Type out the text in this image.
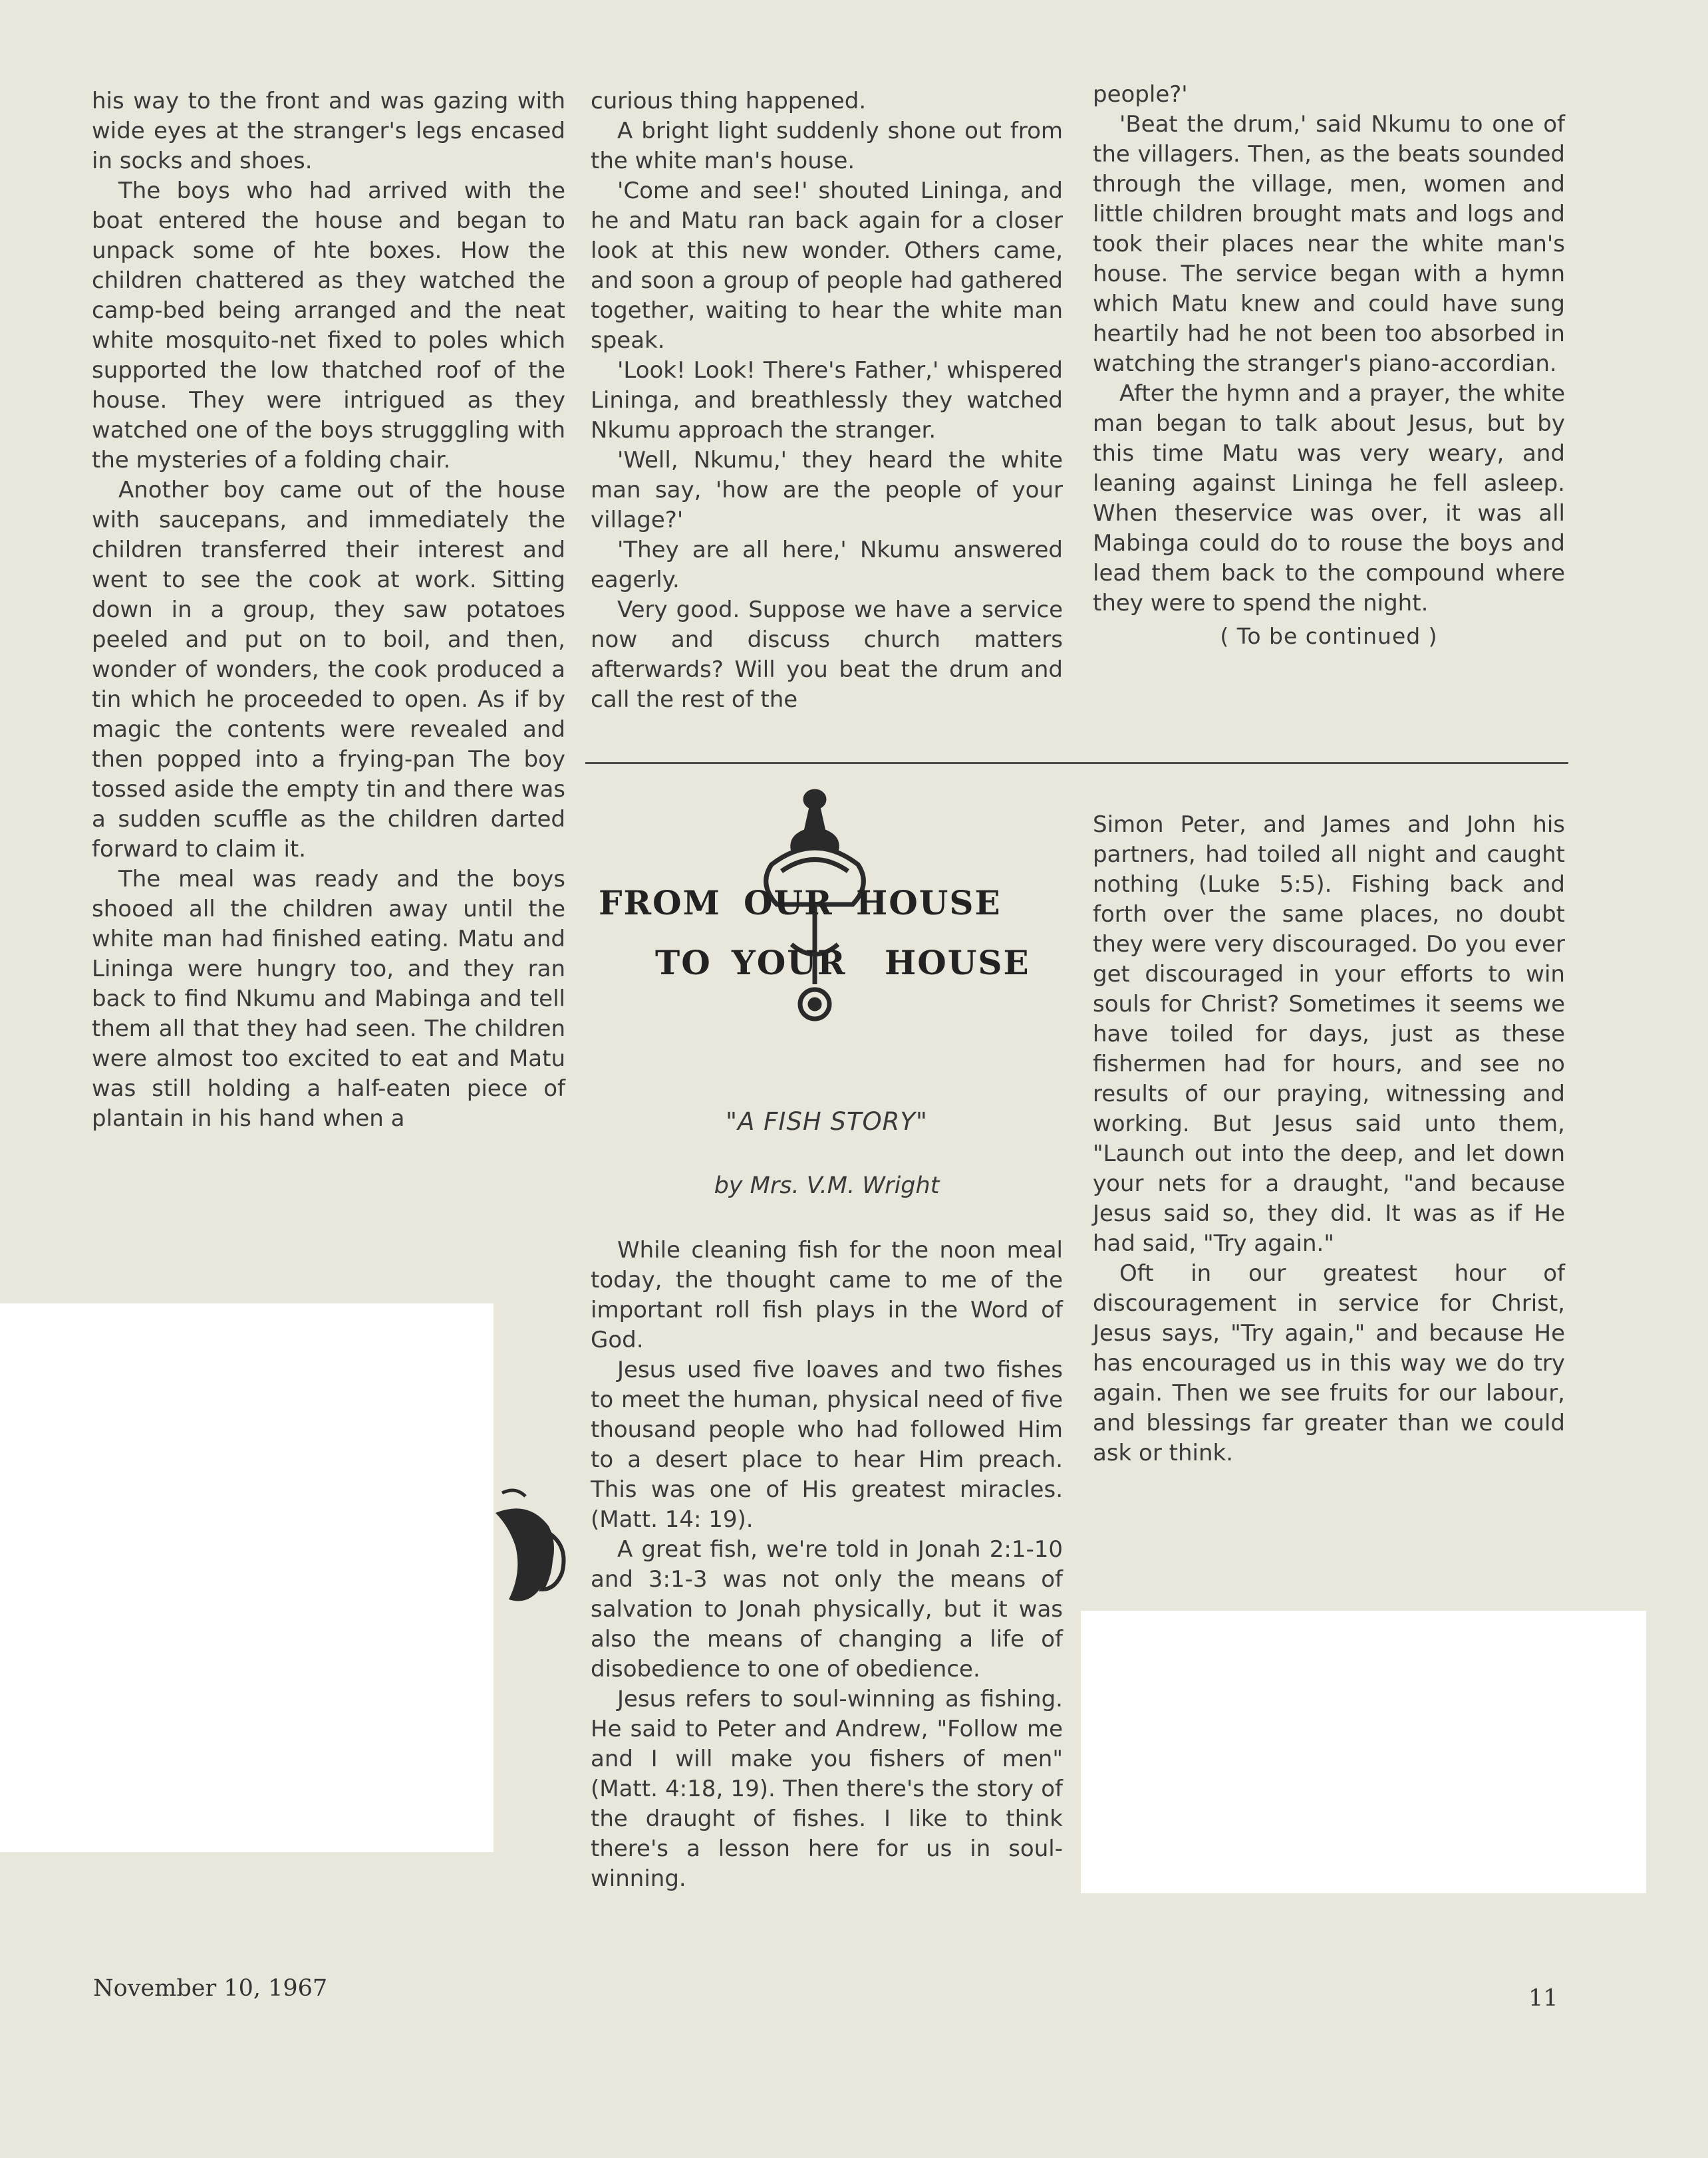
his way to the front and was gazing with wide eyes at the stranger's legs encased in socks and shoes.

The boys who had arrived with the boat entered the house and began to unpack some of hte boxes. How the children chattered as they watched the camp-bed being arranged and the neat white mosquito-net fixed to poles which supported the low thatched roof of the house. They were intrigued as they watched one of the boys strugggling with the mysteries of a folding chair.

Another boy came out of the house with saucepans, and immediately the children transferred their interest and went to see the cook at work. Sitting down in a group, they saw potatoes peeled and put on to boil, and then, wonder of wonders, the cook produced a tin which he proceeded to open. As if by magic the contents were revealed and then popped into a frying-pan The boy tossed aside the empty tin and there was a sudden scuffle as the children darted forward to claim it.

The meal was ready and the boys shooed all the children away until the white man had finished eating. Matu and Lininga were hungry too, and they ran back to find Nkumu and Mabinga and tell them all that they had seen. The children were almost too excited to eat and Matu was still holding a half-eaten piece of plantain in his hand when a

curious thing happened.

A bright light suddenly shone out from the white man's house.

'Come and see!' shouted Lininga, and he and Matu ran back again for a closer look at this new wonder. Others came, and soon a group of people had gathered together, waiting to hear the white man speak.

'Look! Look! There's Father,' whispered Lininga, and breathlessly they watched Nkumu approach the stranger.

'Well, Nkumu,' they heard the white man say, 'how are the people of your village?'

'They are all here,' Nkumu answered eagerly.

Very good. Suppose we have a service now and discuss church matters afterwards? Will you beat the drum and call the rest of the

people?'

'Beat the drum,' said Nkumu to one of the villagers. Then, as the beats sounded through the village, men, women and little children brought mats and logs and took their places near the white man's house. The service began with a hymn which Matu knew and could have sung heartily had he not been too absorbed in watching the stranger's piano-accordian.

After the hymn and a prayer, the white man began to talk about Jesus, but by this time Matu was very weary, and leaning against Lininga he fell asleep. When theservice was over, it was all Mabinga could do to rouse the boys and lead them back to the compound where they were to spend the night.

( To be continued )
FROM OUR HOUSE
TO YOUR HOUSE
"A FISH STORY"
by Mrs. V.M. Wright

While cleaning fish for the noon meal today, the thought came to me of the important roll fish plays in the Word of God.

Jesus used five loaves and two fishes to meet the human, physical need of five thousand people who had followed Him to a desert place to hear Him preach. This was one of His greatest miracles. (Matt. 14: 19).

A great fish, we're told in Jonah 2:1-10 and 3:1-3 was not only the means of salvation to Jonah physically, but it was also the means of changing a life of disobedience to one of obedience.

Jesus refers to soul-winning as fishing. He said to Peter and Andrew, "Follow me and I will make you fishers of men" (Matt. 4:18, 19). Then there's the story of the draught of fishes. I like to think there's a lesson here for us in soul-winning.

Simon Peter, and James and John his partners, had toiled all night and caught nothing (Luke 5:5). Fishing back and forth over the same places, no doubt they were very discouraged. Do you ever get discouraged in your efforts to win souls for Christ? Sometimes it seems we have toiled for days, just as these fishermen had for hours, and see no results of our praying, witnessing and working. But Jesus said unto them, "Launch out into the deep, and let down your nets for a draught, "and because Jesus said so, they did. It was as if He had said, "Try again."

Oft in our greatest hour of discouragement in service for Christ, Jesus says, "Try again," and because He has encouraged us in this way we do try again. Then we see fruits for our labour, and blessings far greater than we could ask or think.

November 10, 1967	11
